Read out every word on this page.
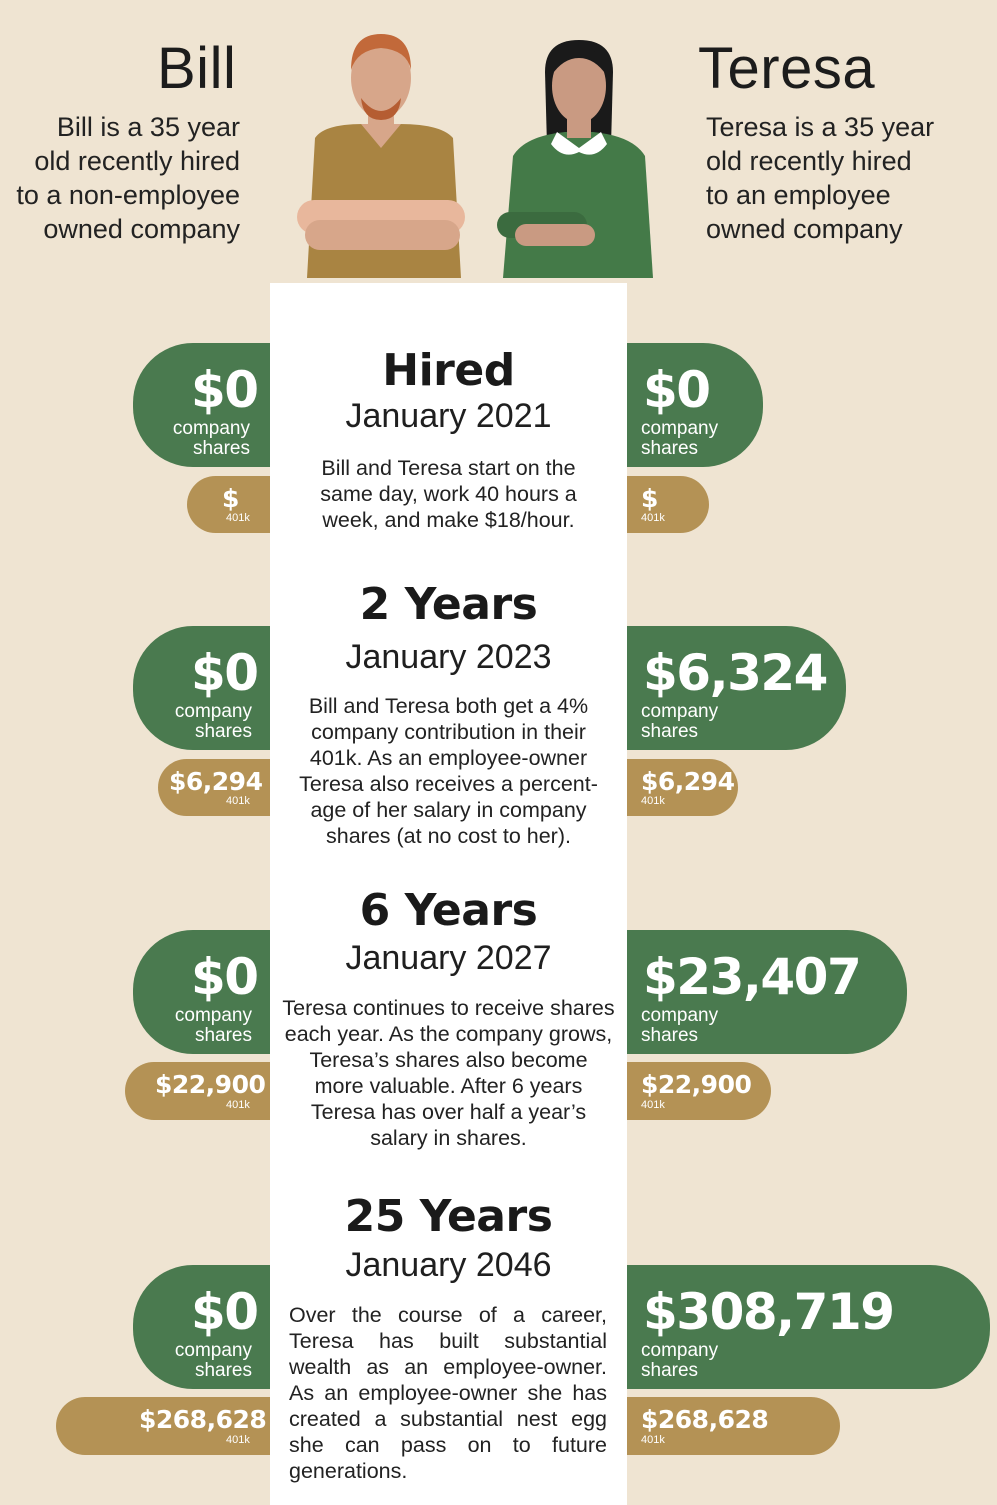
Bill
Bill is a 35 year
old recently hired
to a non-employee
owned company
Teresa
Teresa is a 35 year
old recently hired
to an employee
owned company
Hired
January 2021
Bill and Teresa start on the same day, work 40 hours a week, and make $18/hour.
2 Years
January 2023
Bill and Teresa both get a 4% company contribution in their 401k. As an employee-owner Teresa also receives a percent-age of her salary in company shares (at no cost to her).
6 Years
January 2027
Teresa continues to receive shares each year. As the company grows, Teresa’s shares also become more valuable. After 6 years Teresa has over half a year’s salary in shares.
25 Years
January 2046
Over the course of a career, Teresa has built substantial wealth as an employee-owner. As an employee-owner she has created a substantial nest egg she can pass on to future generations.
$0
company
shares
$
401k
$0
company
shares
$
401k
$0
company
shares
$6,294
401k
$6,324
company
shares
$6,294
401k
$0
company
shares
$22,900
401k
$23,407
company
shares
$22,900
401k
$0
company
shares
$268,628
401k
$308,719
company
shares
$268,628
401k
